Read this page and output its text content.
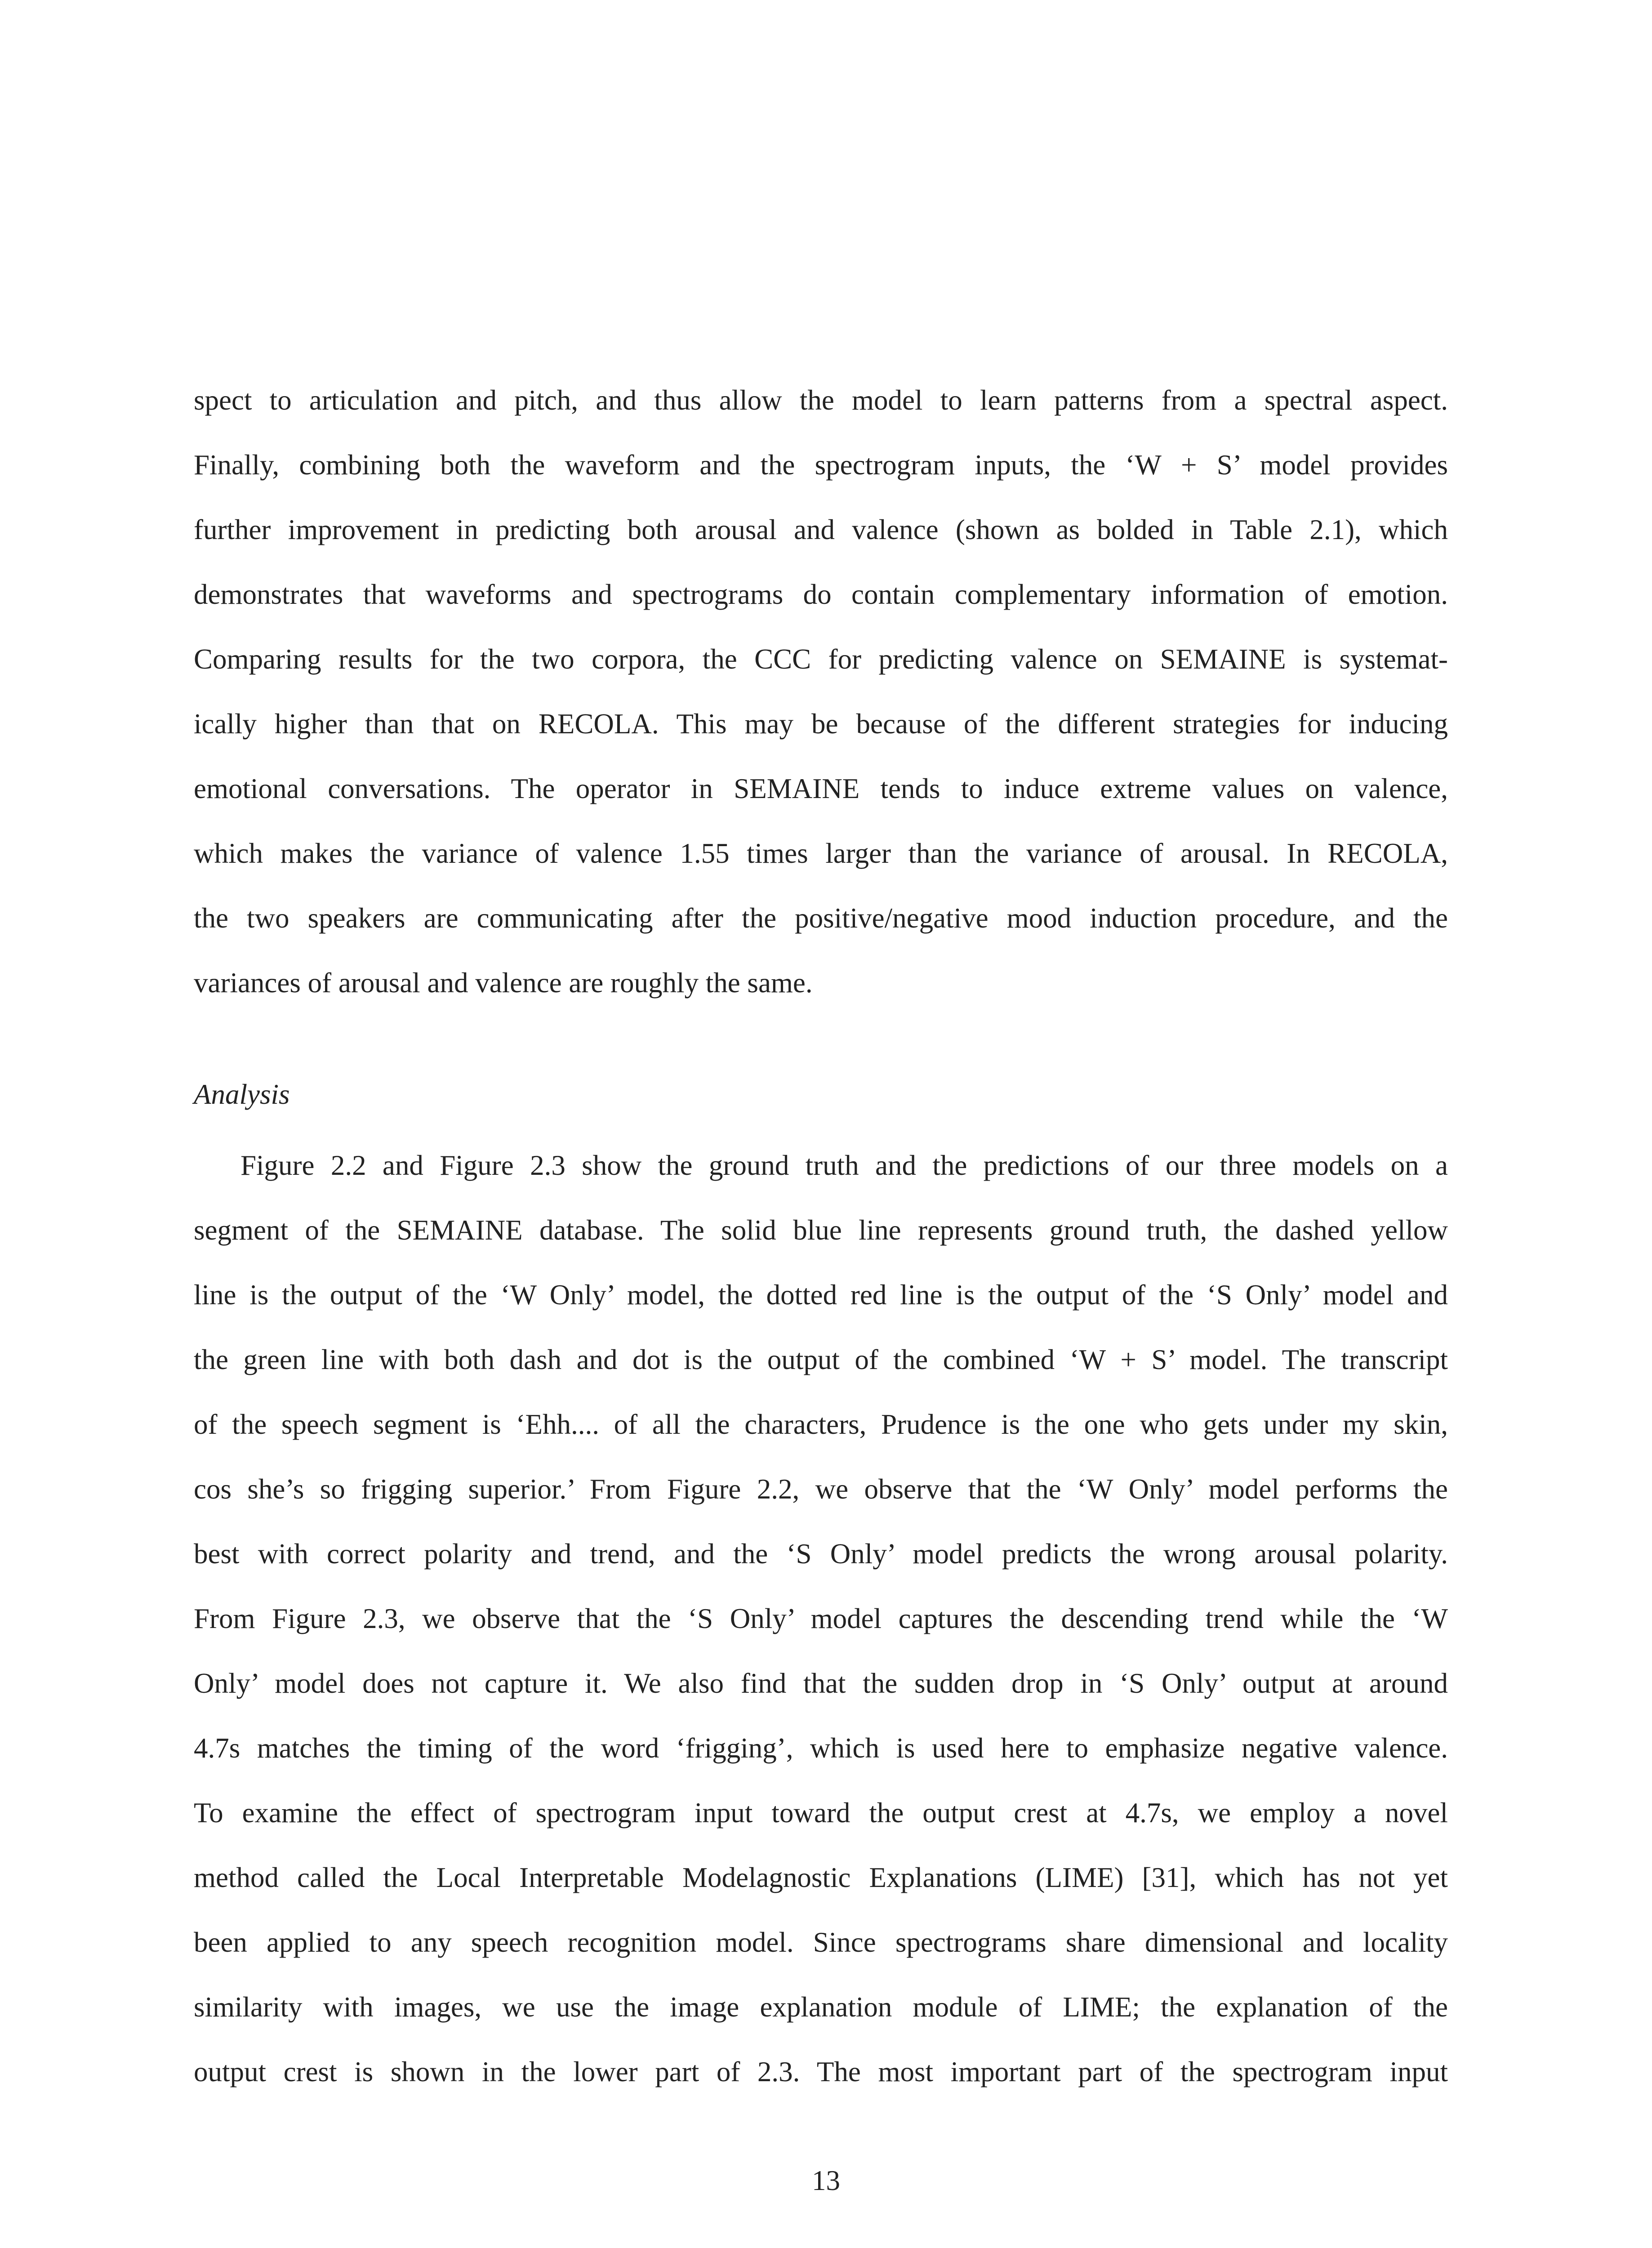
spect to articulation and pitch, and thus allow the model to learn patterns from a spectral aspect.
Finally, combining both the waveform and the spectrogram inputs, the ‘W + S’ model provides
further improvement in predicting both arousal and valence (shown as bolded in Table 2.1), which
demonstrates that waveforms and spectrograms do contain complementary information of emotion.
Comparing results for the two corpora, the CCC for predicting valence on SEMAINE is systemat-
ically higher than that on RECOLA. This may be because of the different strategies for inducing
emotional conversations. The operator in SEMAINE tends to induce extreme values on valence,
which makes the variance of valence 1.55 times larger than the variance of arousal. In RECOLA,
the two speakers are communicating after the positive/negative mood induction procedure, and the
variances of arousal and valence are roughly the same.
Analysis
Figure 2.2 and Figure 2.3 show the ground truth and the predictions of our three models on a
segment of the SEMAINE database. The solid blue line represents ground truth, the dashed yellow
line is the output of the ‘W Only’ model, the dotted red line is the output of the ‘S Only’ model and
the green line with both dash and dot is the output of the combined ‘W + S’ model. The transcript
of the speech segment is ‘Ehh.... of all the characters, Prudence is the one who gets under my skin,
cos she’s so frigging superior.’ From Figure 2.2, we observe that the ‘W Only’ model performs the
best with correct polarity and trend, and the ‘S Only’ model predicts the wrong arousal polarity.
From Figure 2.3, we observe that the ‘S Only’ model captures the descending trend while the ‘W
Only’ model does not capture it. We also find that the sudden drop in ‘S Only’ output at around
4.7s matches the timing of the word ‘frigging’, which is used here to emphasize negative valence.
To examine the effect of spectrogram input toward the output crest at 4.7s, we employ a novel
method called the Local Interpretable Modelagnostic Explanations (LIME) [31], which has not yet
been applied to any speech recognition model. Since spectrograms share dimensional and locality
similarity with images, we use the image explanation module of LIME; the explanation of the
output crest is shown in the lower part of 2.3. The most important part of the spectrogram input
13
